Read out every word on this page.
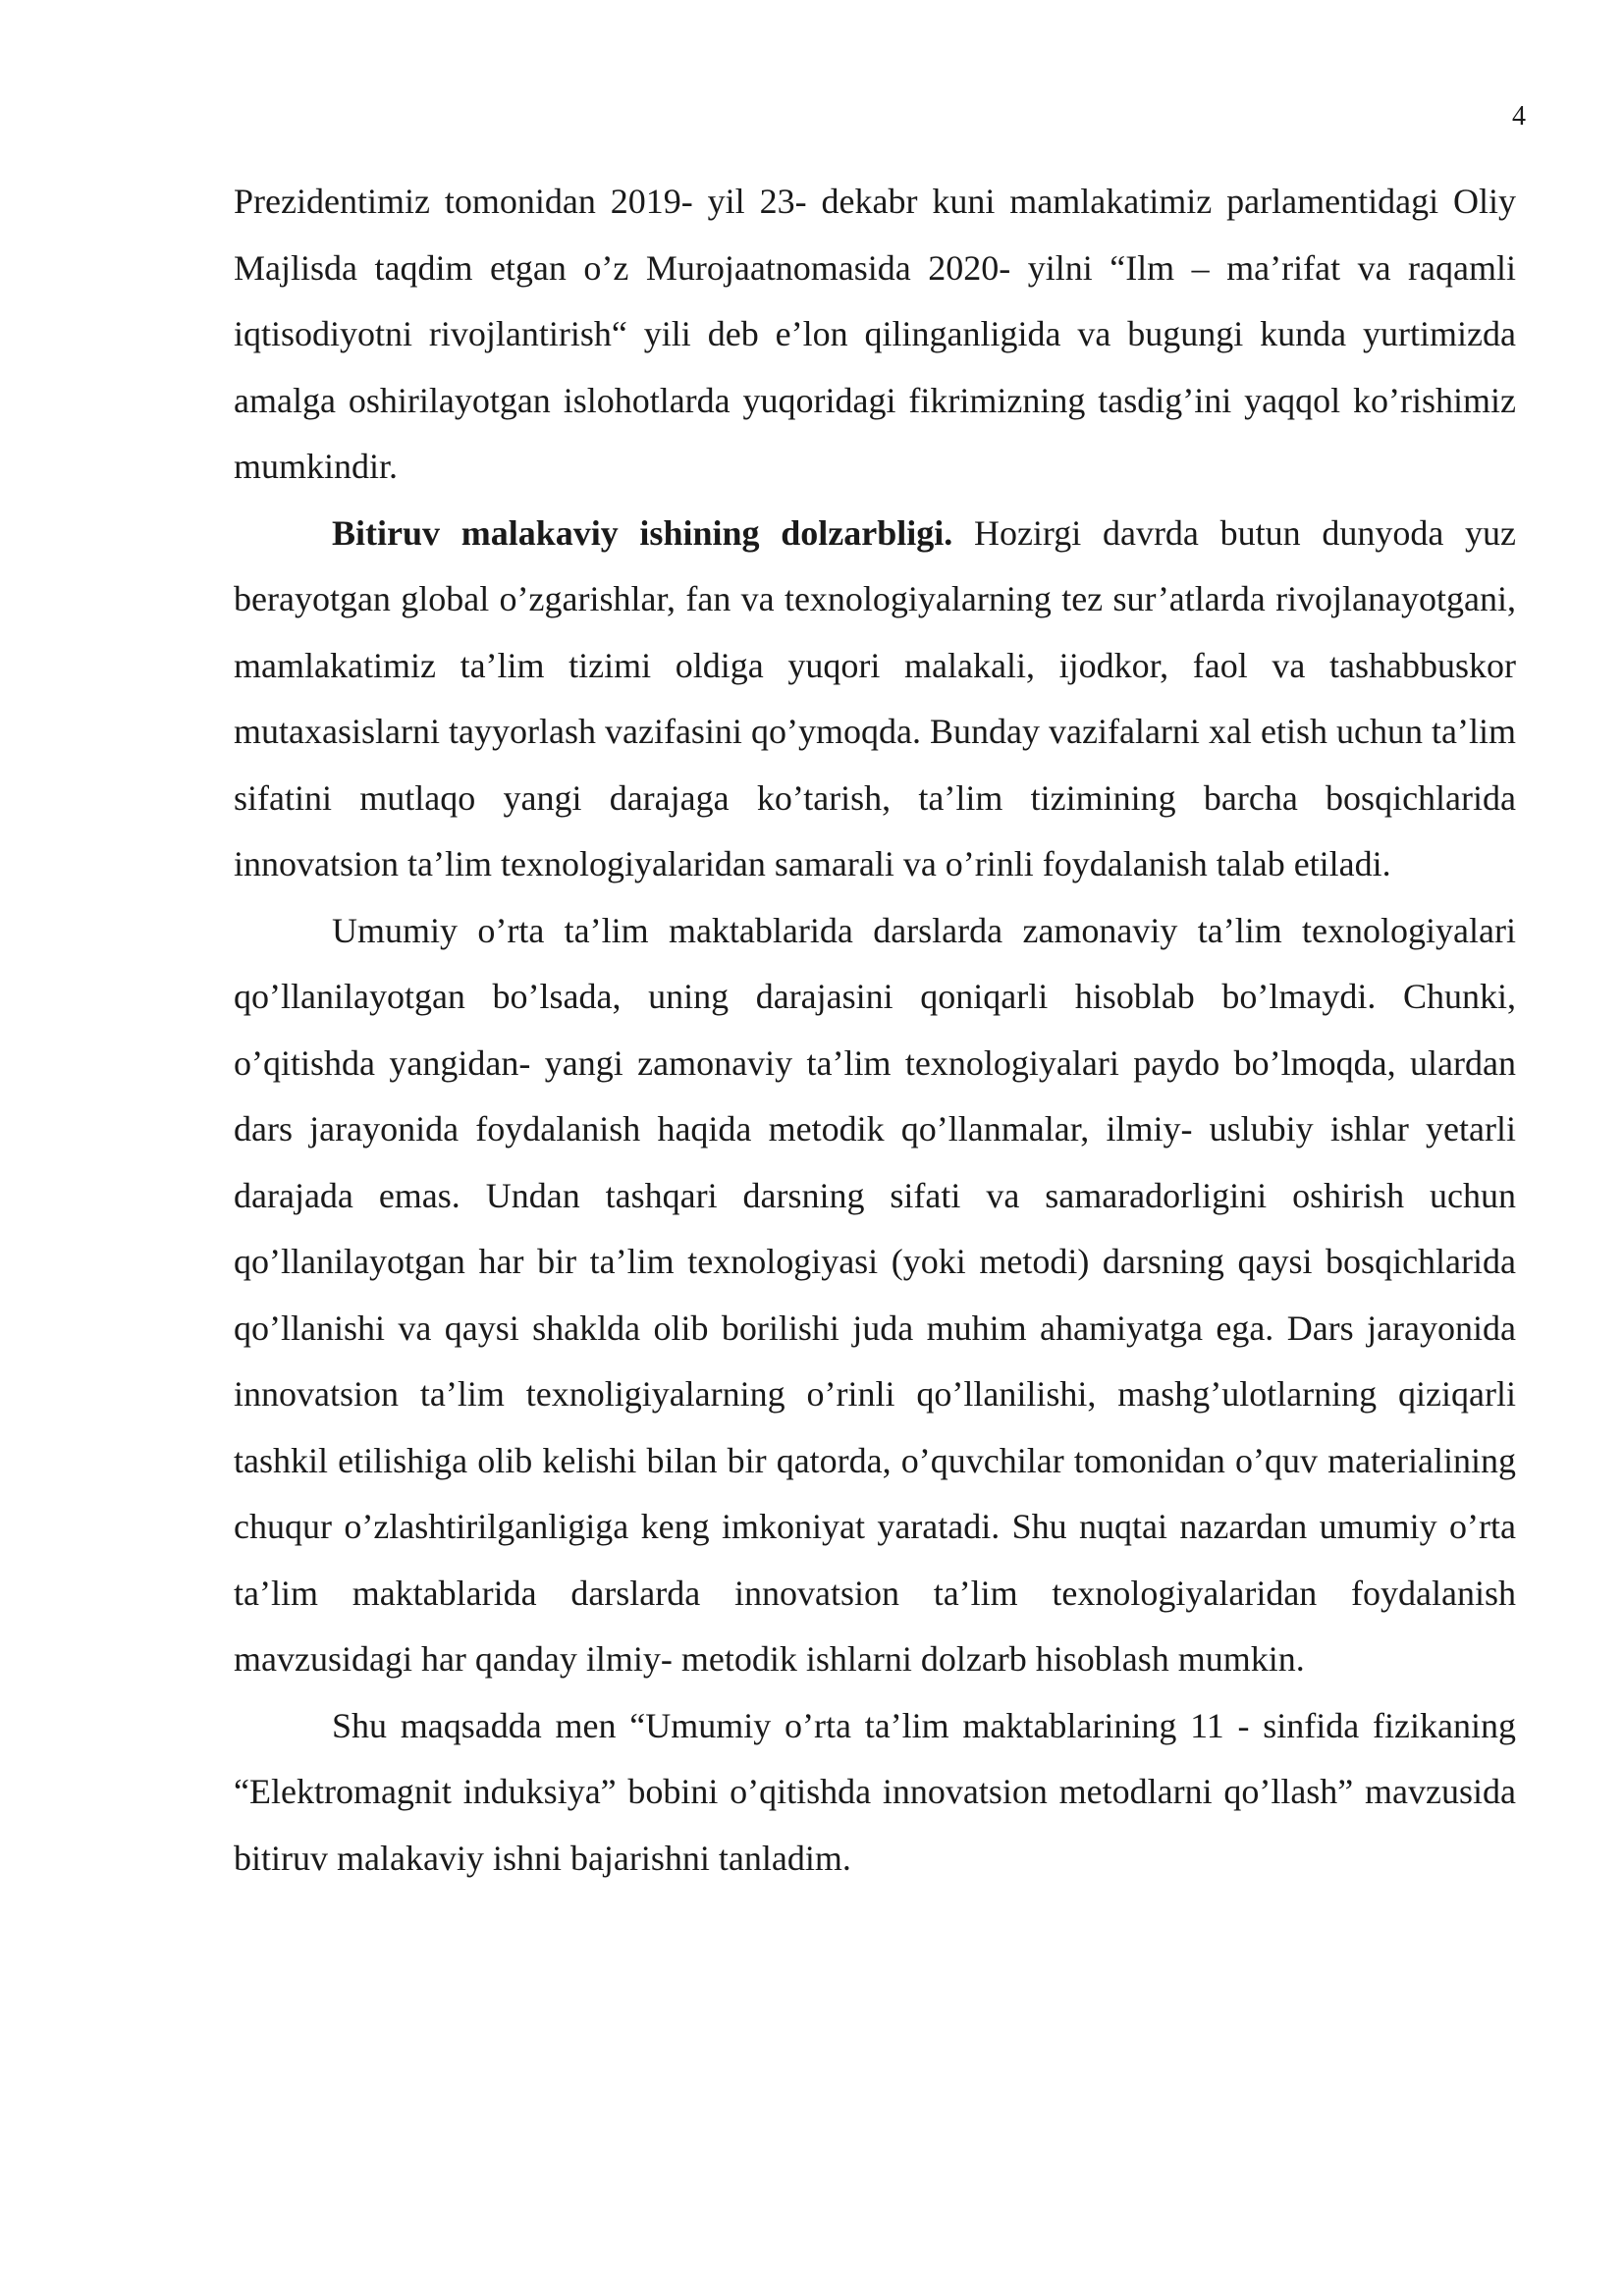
4

Prezidentimiz tomonidan 2019- yil 23- dekabr kuni mamlakatimiz parlamentidagi Oliy Majlisda taqdim etgan o’z Murojaatnomasida 2020- yilni “Ilm – ma’rifat va raqamli iqtisodiyotni rivojlantirish“ yili deb e’lon qilinganligida va bugungi kunda yurtimizda amalga oshirilayotgan islohotlarda yuqoridagi fikrimizning tasdig’ini yaqqol ko’rishimiz mumkindir.

Bitiruv malakaviy ishining dolzarbligi. Hozirgi davrda butun dunyoda yuz berayotgan global o’zgarishlar, fan va texnologiyalarning tez sur’atlarda rivojlanayotgani, mamlakatimiz ta’lim tizimi oldiga yuqori malakali, ijodkor, faol va tashabbuskor mutaxasislarni tayyorlash vazifasini qo’ymoqda. Bunday vazifalarni xal etish uchun ta’lim sifatini mutlaqo yangi darajaga ko’tarish, ta’lim tizimining barcha bosqichlarida innovatsion ta’lim texnologiyalaridan samarali va o’rinli foydalanish talab etiladi.

Umumiy o’rta ta’lim maktablarida darslarda zamonaviy ta’lim texnologiyalari qo’llanilayotgan bo’lsada, uning darajasini qoniqarli hisoblab bo’lmaydi. Chunki, o’qitishda yangidan- yangi zamonaviy ta’lim texnologiyalari paydo bo’lmoqda, ulardan dars jarayonida foydalanish haqida metodik qo’llanmalar, ilmiy- uslubiy ishlar yetarli darajada emas. Undan tashqari darsning sifati va samaradorligini oshirish uchun qo’llanilayotgan har bir ta’lim texnologiyasi (yoki metodi) darsning qaysi bosqichlarida qo’llanishi va qaysi shaklda olib borilishi juda muhim ahamiyatga ega. Dars jarayonida innovatsion ta’lim texnoligiyalarning o’rinli qo’llanilishi, mashg’ulotlarning qiziqarli tashkil etilishiga olib kelishi bilan bir qatorda, o’quvchilar tomonidan o’quv materialining chuqur o’zlashtirilganligiga keng imkoniyat yaratadi. Shu nuqtai nazardan umumiy o’rta ta’lim maktablarida darslarda innovatsion ta’lim texnologiyalaridan foydalanish mavzusidagi har qanday ilmiy- metodik ishlarni dolzarb hisoblash mumkin.

Shu maqsadda men “Umumiy o’rta ta’lim maktablarining 11 - sinfida fizikaning “Elektromagnit induksiya” bobini o’qitishda innovatsion metodlarni qo’llash” mavzusida bitiruv malakaviy ishni bajarishni tanladim.
